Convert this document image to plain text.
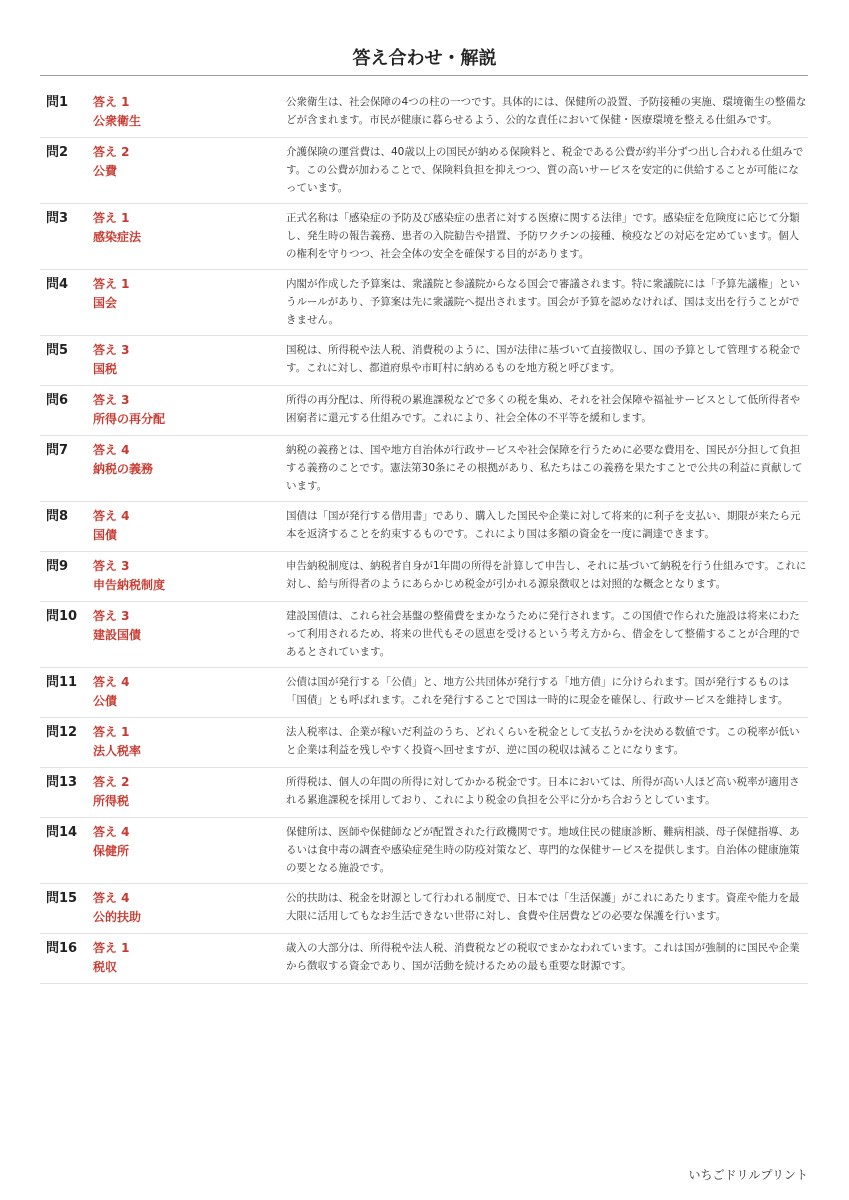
答え合わせ・解説
問1	答え 1
公衆衛生
公衆衛生は、社会保障の4つの柱の一つです。具体的には、保健所の設置、予防接種の実施、環境衛生の整備などが含まれます。市民が健康に暮らせるよう、公的な責任において保健・医療環境を整える仕組みです。
問2	答え 2
公費
介護保険の運営費は、40歳以上の国民が納める保険料と、税金である公費が約半分ずつ出し合われる仕組みです。この公費が加わることで、保険料負担を抑えつつ、質の高いサービスを安定的に供給することが可能になっています。
問3	答え 1
感染症法
正式名称は「感染症の予防及び感染症の患者に対する医療に関する法律」です。感染症を危険度に応じて分類し、発生時の報告義務、患者の入院勧告や措置、予防ワクチンの接種、検疫などの対応を定めています。個人の権利を守りつつ、社会全体の安全を確保する目的があります。
問4	答え 1
国会
内閣が作成した予算案は、衆議院と参議院からなる国会で審議されます。特に衆議院には「予算先議権」というルールがあり、予算案は先に衆議院へ提出されます。国会が予算を認めなければ、国は支出を行うことができません。
問5	答え 3
国税
国税は、所得税や法人税、消費税のように、国が法律に基づいて直接徴収し、国の予算として管理する税金です。これに対し、都道府県や市町村に納めるものを地方税と呼びます。
問6	答え 3
所得の再分配
所得の再分配は、所得税の累進課税などで多くの税を集め、それを社会保障や福祉サービスとして低所得者や困窮者に還元する仕組みです。これにより、社会全体の不平等を緩和します。
問7	答え 4
納税の義務
納税の義務とは、国や地方自治体が行政サービスや社会保障を行うために必要な費用を、国民が分担して負担する義務のことです。憲法第30条にその根拠があり、私たちはこの義務を果たすことで公共の利益に貢献しています。
問8	答え 4
国債
国債は「国が発行する借用書」であり、購入した国民や企業に対して将来的に利子を支払い、期限が来たら元本を返済することを約束するものです。これにより国は多額の資金を一度に調達できます。
問9	答え 3
申告納税制度
申告納税制度は、納税者自身が1年間の所得を計算して申告し、それに基づいて納税を行う仕組みです。これに対し、給与所得者のようにあらかじめ税金が引かれる源泉徴収とは対照的な概念となります。
問10	答え 3
建設国債
建設国債は、これら社会基盤の整備費をまかなうために発行されます。この国債で作られた施設は将来にわたって利用されるため、将来の世代もその恩恵を受けるという考え方から、借金をして整備することが合理的であるとされています。
問11	答え 4
公債
公債は国が発行する「公債」と、地方公共団体が発行する「地方債」に分けられます。国が発行するものは「国債」とも呼ばれます。これを発行することで国は一時的に現金を確保し、行政サービスを維持します。
問12	答え 1
法人税率
法人税率は、企業が稼いだ利益のうち、どれくらいを税金として支払うかを決める数値です。この税率が低いと企業は利益を残しやすく投資へ回せますが、逆に国の税収は減ることになります。
問13	答え 2
所得税
所得税は、個人の年間の所得に対してかかる税金です。日本においては、所得が高い人ほど高い税率が適用される累進課税を採用しており、これにより税金の負担を公平に分かち合おうとしています。
問14	答え 4
保健所
保健所は、医師や保健師などが配置された行政機関です。地域住民の健康診断、難病相談、母子保健指導、あるいは食中毒の調査や感染症発生時の防疫対策など、専門的な保健サービスを提供します。自治体の健康施策の要となる施設です。
問15	答え 4
公的扶助
公的扶助は、税金を財源として行われる制度で、日本では「生活保護」がこれにあたります。資産や能力を最大限に活用してもなお生活できない世帯に対し、食費や住居費などの必要な保護を行います。
問16	答え 1
税収
歳入の大部分は、所得税や法人税、消費税などの税収でまかなわれています。これは国が強制的に国民や企業から徴収する資金であり、国が活動を続けるための最も重要な財源です。
いちごドリルプリント
